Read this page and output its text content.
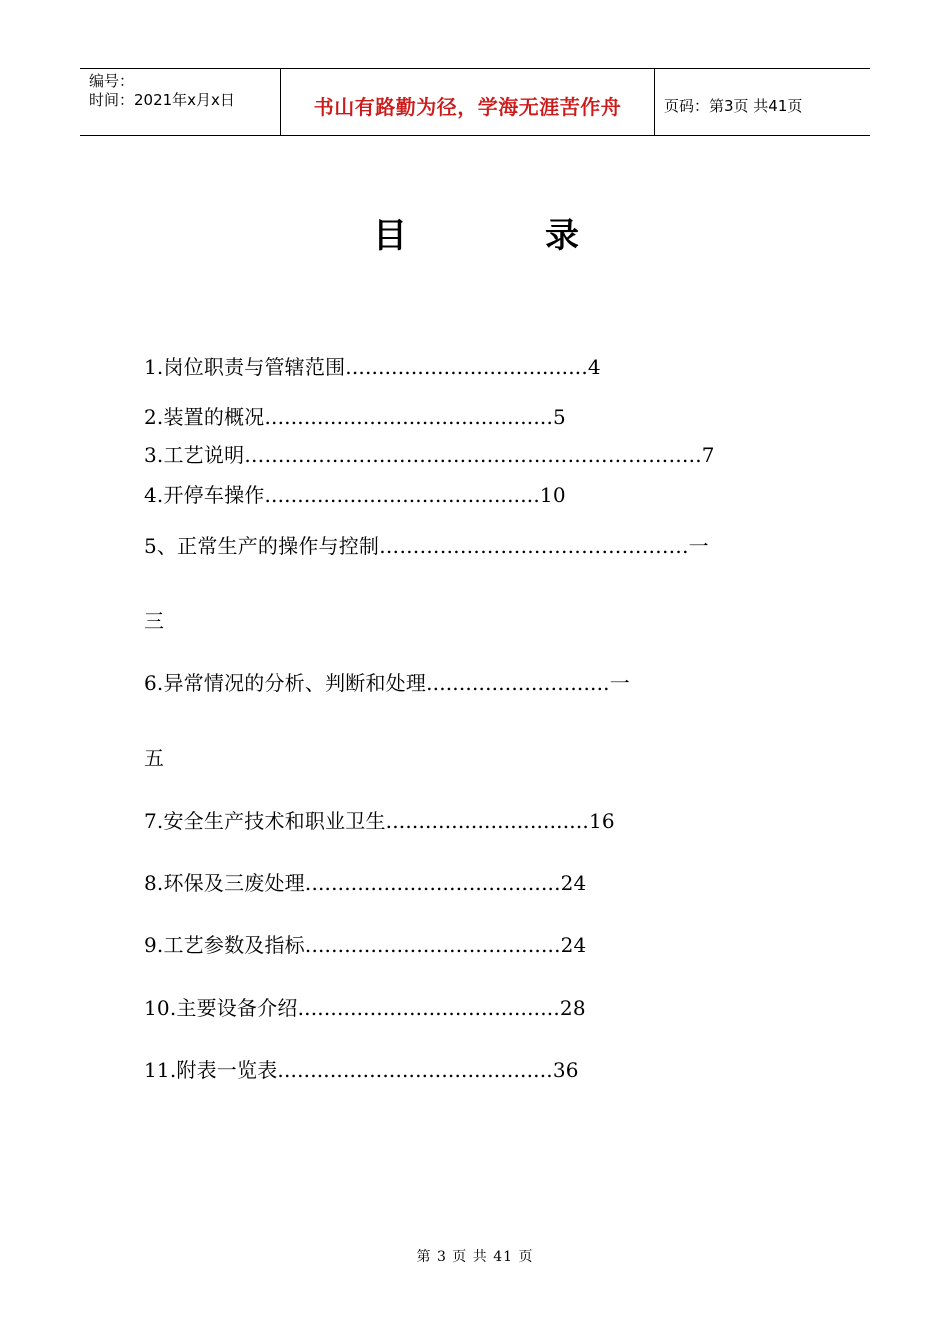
编号：
时间：2021年x月x日	书山有路勤为径，学海无涯苦作舟	页码：第3页 共41页
目	录
1.岗位职责与管辖范围.....................................4
2.装置的概况............................................5
3.工艺说明…………………………………………………………..7
4.开停车操作..........................................10
5、正常生产的操作与控制……………………………………….一
三
6.异常情况的分析、判断和处理............................一
五
7.安全生产技术和职业卫生...............................16
8.环保及三废处理.......................................24
9.工艺参数及指标.......................................24
10.主要设备介绍........................................28
11.附表一览表..........................................36
第 3 页 共 41 页
